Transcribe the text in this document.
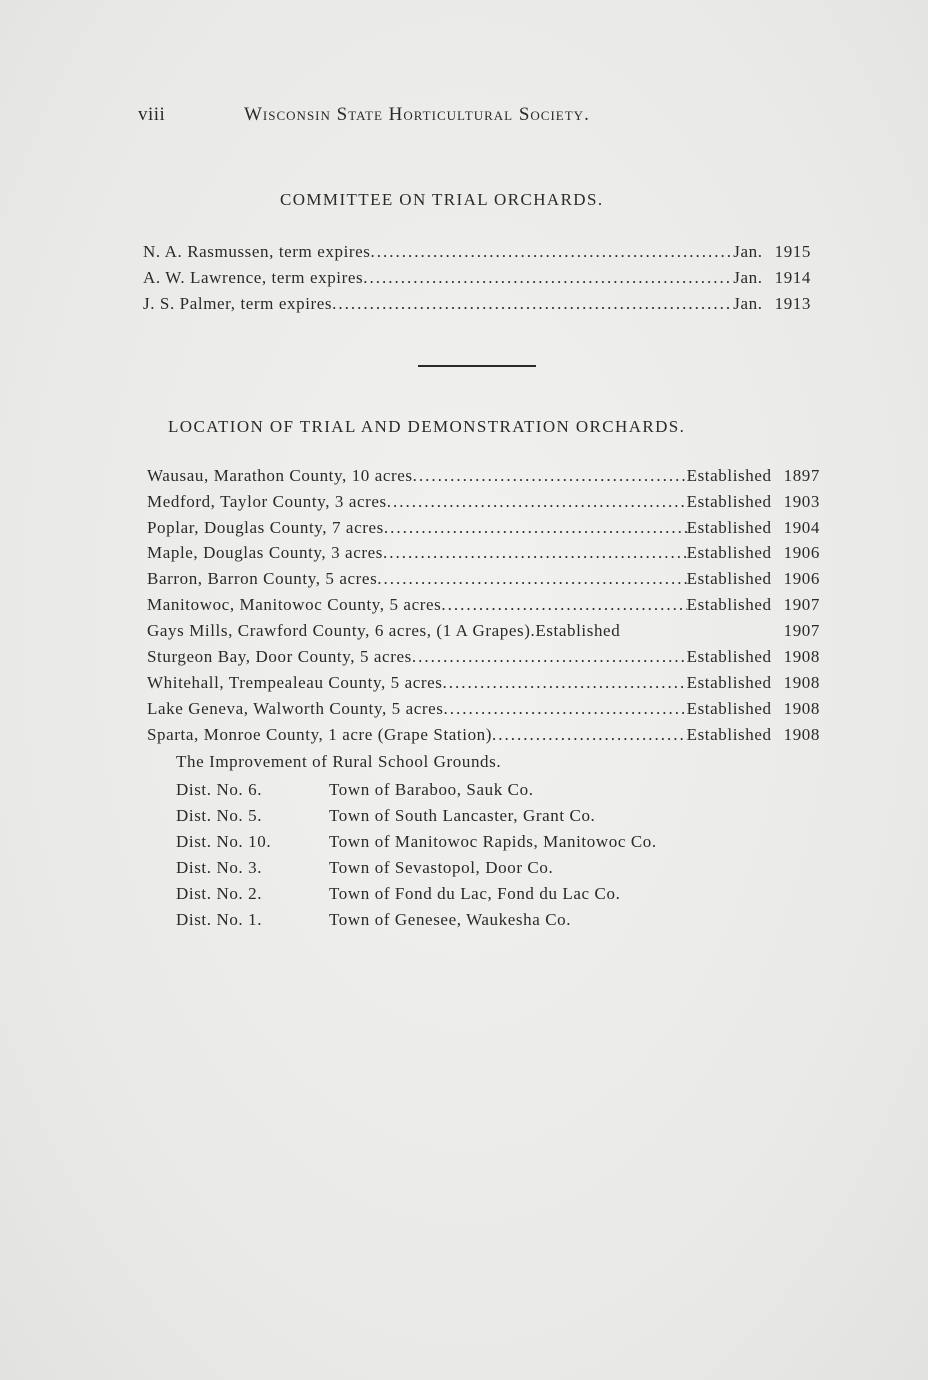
viii	Wisconsin State Horticultural Society.
COMMITTEE ON TRIAL ORCHARDS.
N. A. Rasmussen, term expires .....	Jan. 1915
A. W. Lawrence, term expires .....	Jan. 1914
J. S. Palmer, term expires .....	Jan. 1913
LOCATION OF TRIAL AND DEMONSTRATION ORCHARDS.
Wausau, Marathon County, 10 acres .....	Established 1897
Medford, Taylor County, 3 acres .....	Established 1903
Poplar, Douglas County, 7 acres .....	Established 1904
Maple, Douglas County, 3 acres .....	Established 1906
Barron, Barron County, 5 acres .....	Established 1906
Manitowoc, Manitowoc County, 5 acres .....	Established 1907
Gays Mills, Crawford County, 6 acres, (1 A Grapes). Established	1907
Sturgeon Bay, Door County, 5 acres .....	Established 1908
Whitehall, Trempealeau County, 5 acres .....	Established 1908
Lake Geneva, Walworth County, 5 acres .....	Established 1908
Sparta, Monroe County, 1 acre (Grape Station) .....	Established 1908
The Improvement of Rural School Grounds.
Dist. No. 6.	Town of Baraboo, Sauk Co.
Dist. No. 5.	Town of South Lancaster, Grant Co.
Dist. No. 10.	Town of Manitowoc Rapids, Manitowoc Co.
Dist. No. 3.	Town of Sevastopol, Door Co.
Dist. No. 2.	Town of Fond du Lac, Fond du Lac Co.
Dist. No. 1.	Town of Genesee, Waukesha Co.
